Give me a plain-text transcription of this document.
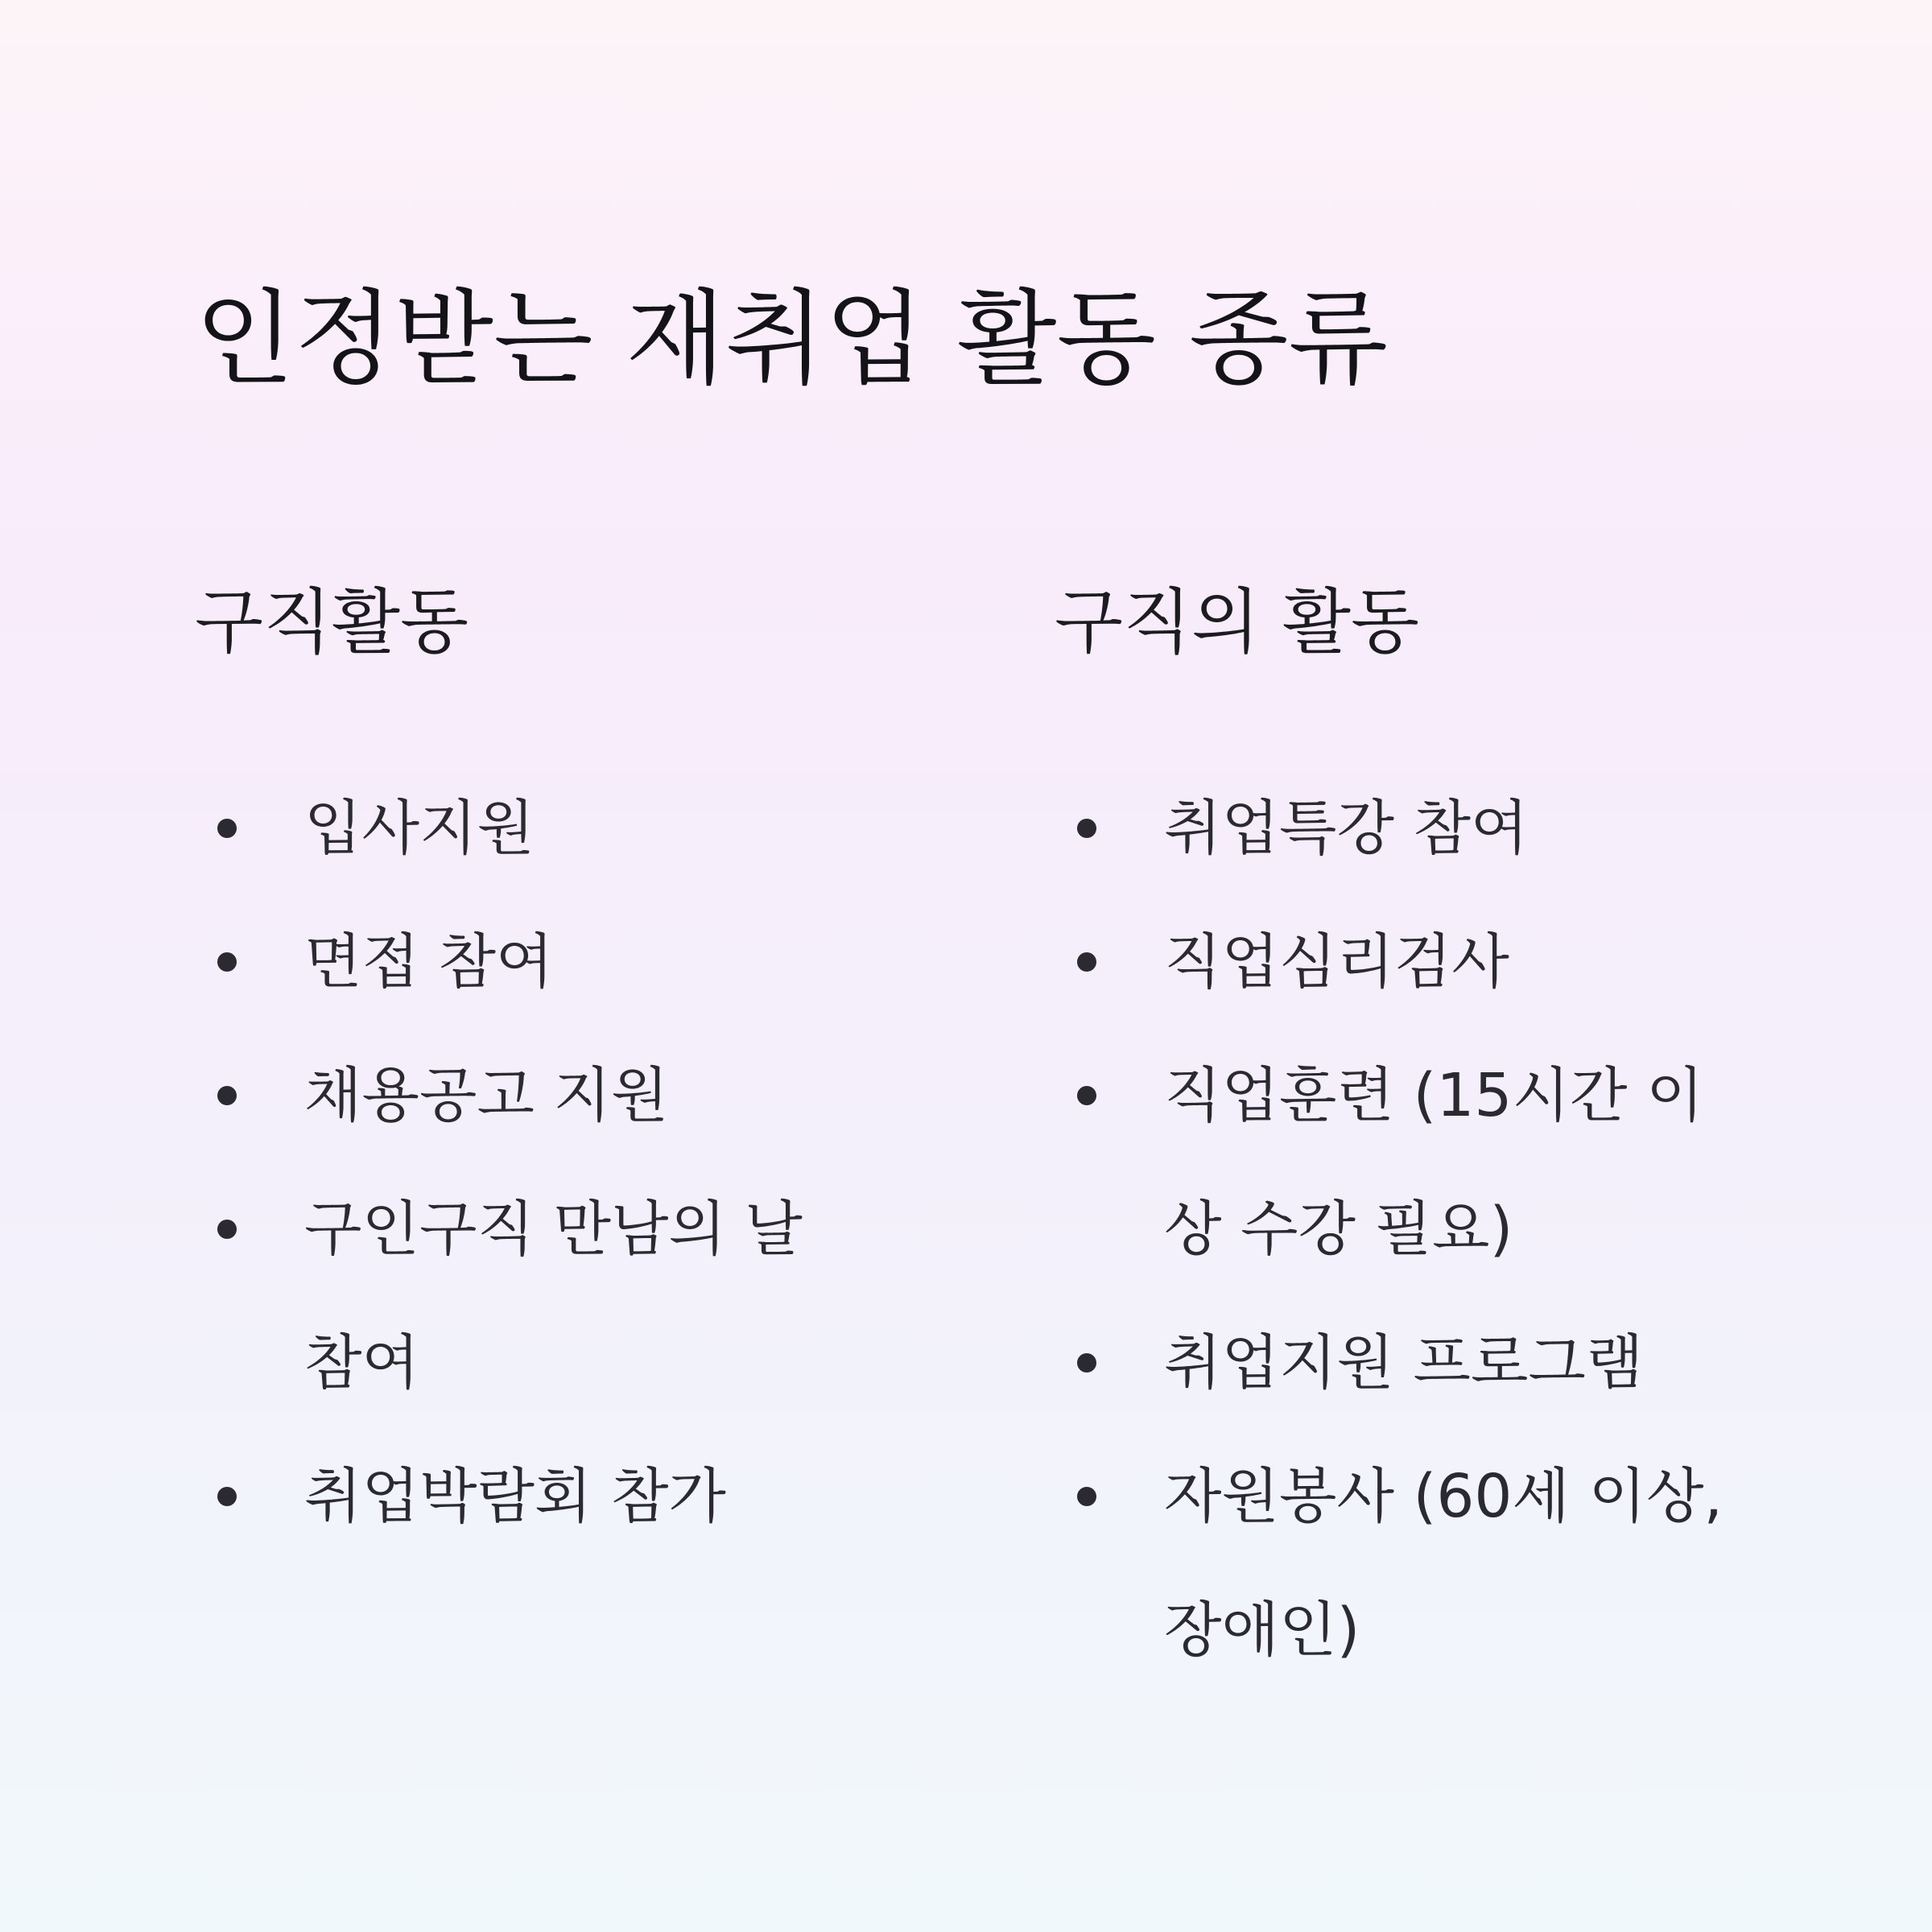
인정받는 재취업 활동 종류
구직활동
입사지원
면접 참여
채용공고 지원
구인구직 만남의 날 참여
취업박람회 참가
구직의 활동
취업특강 참여
직업심리검사
직업훈련 (15시간 이상 수강 필요)
취업지원 프로그램
자원봉사 (60세 이상, 장애인)
